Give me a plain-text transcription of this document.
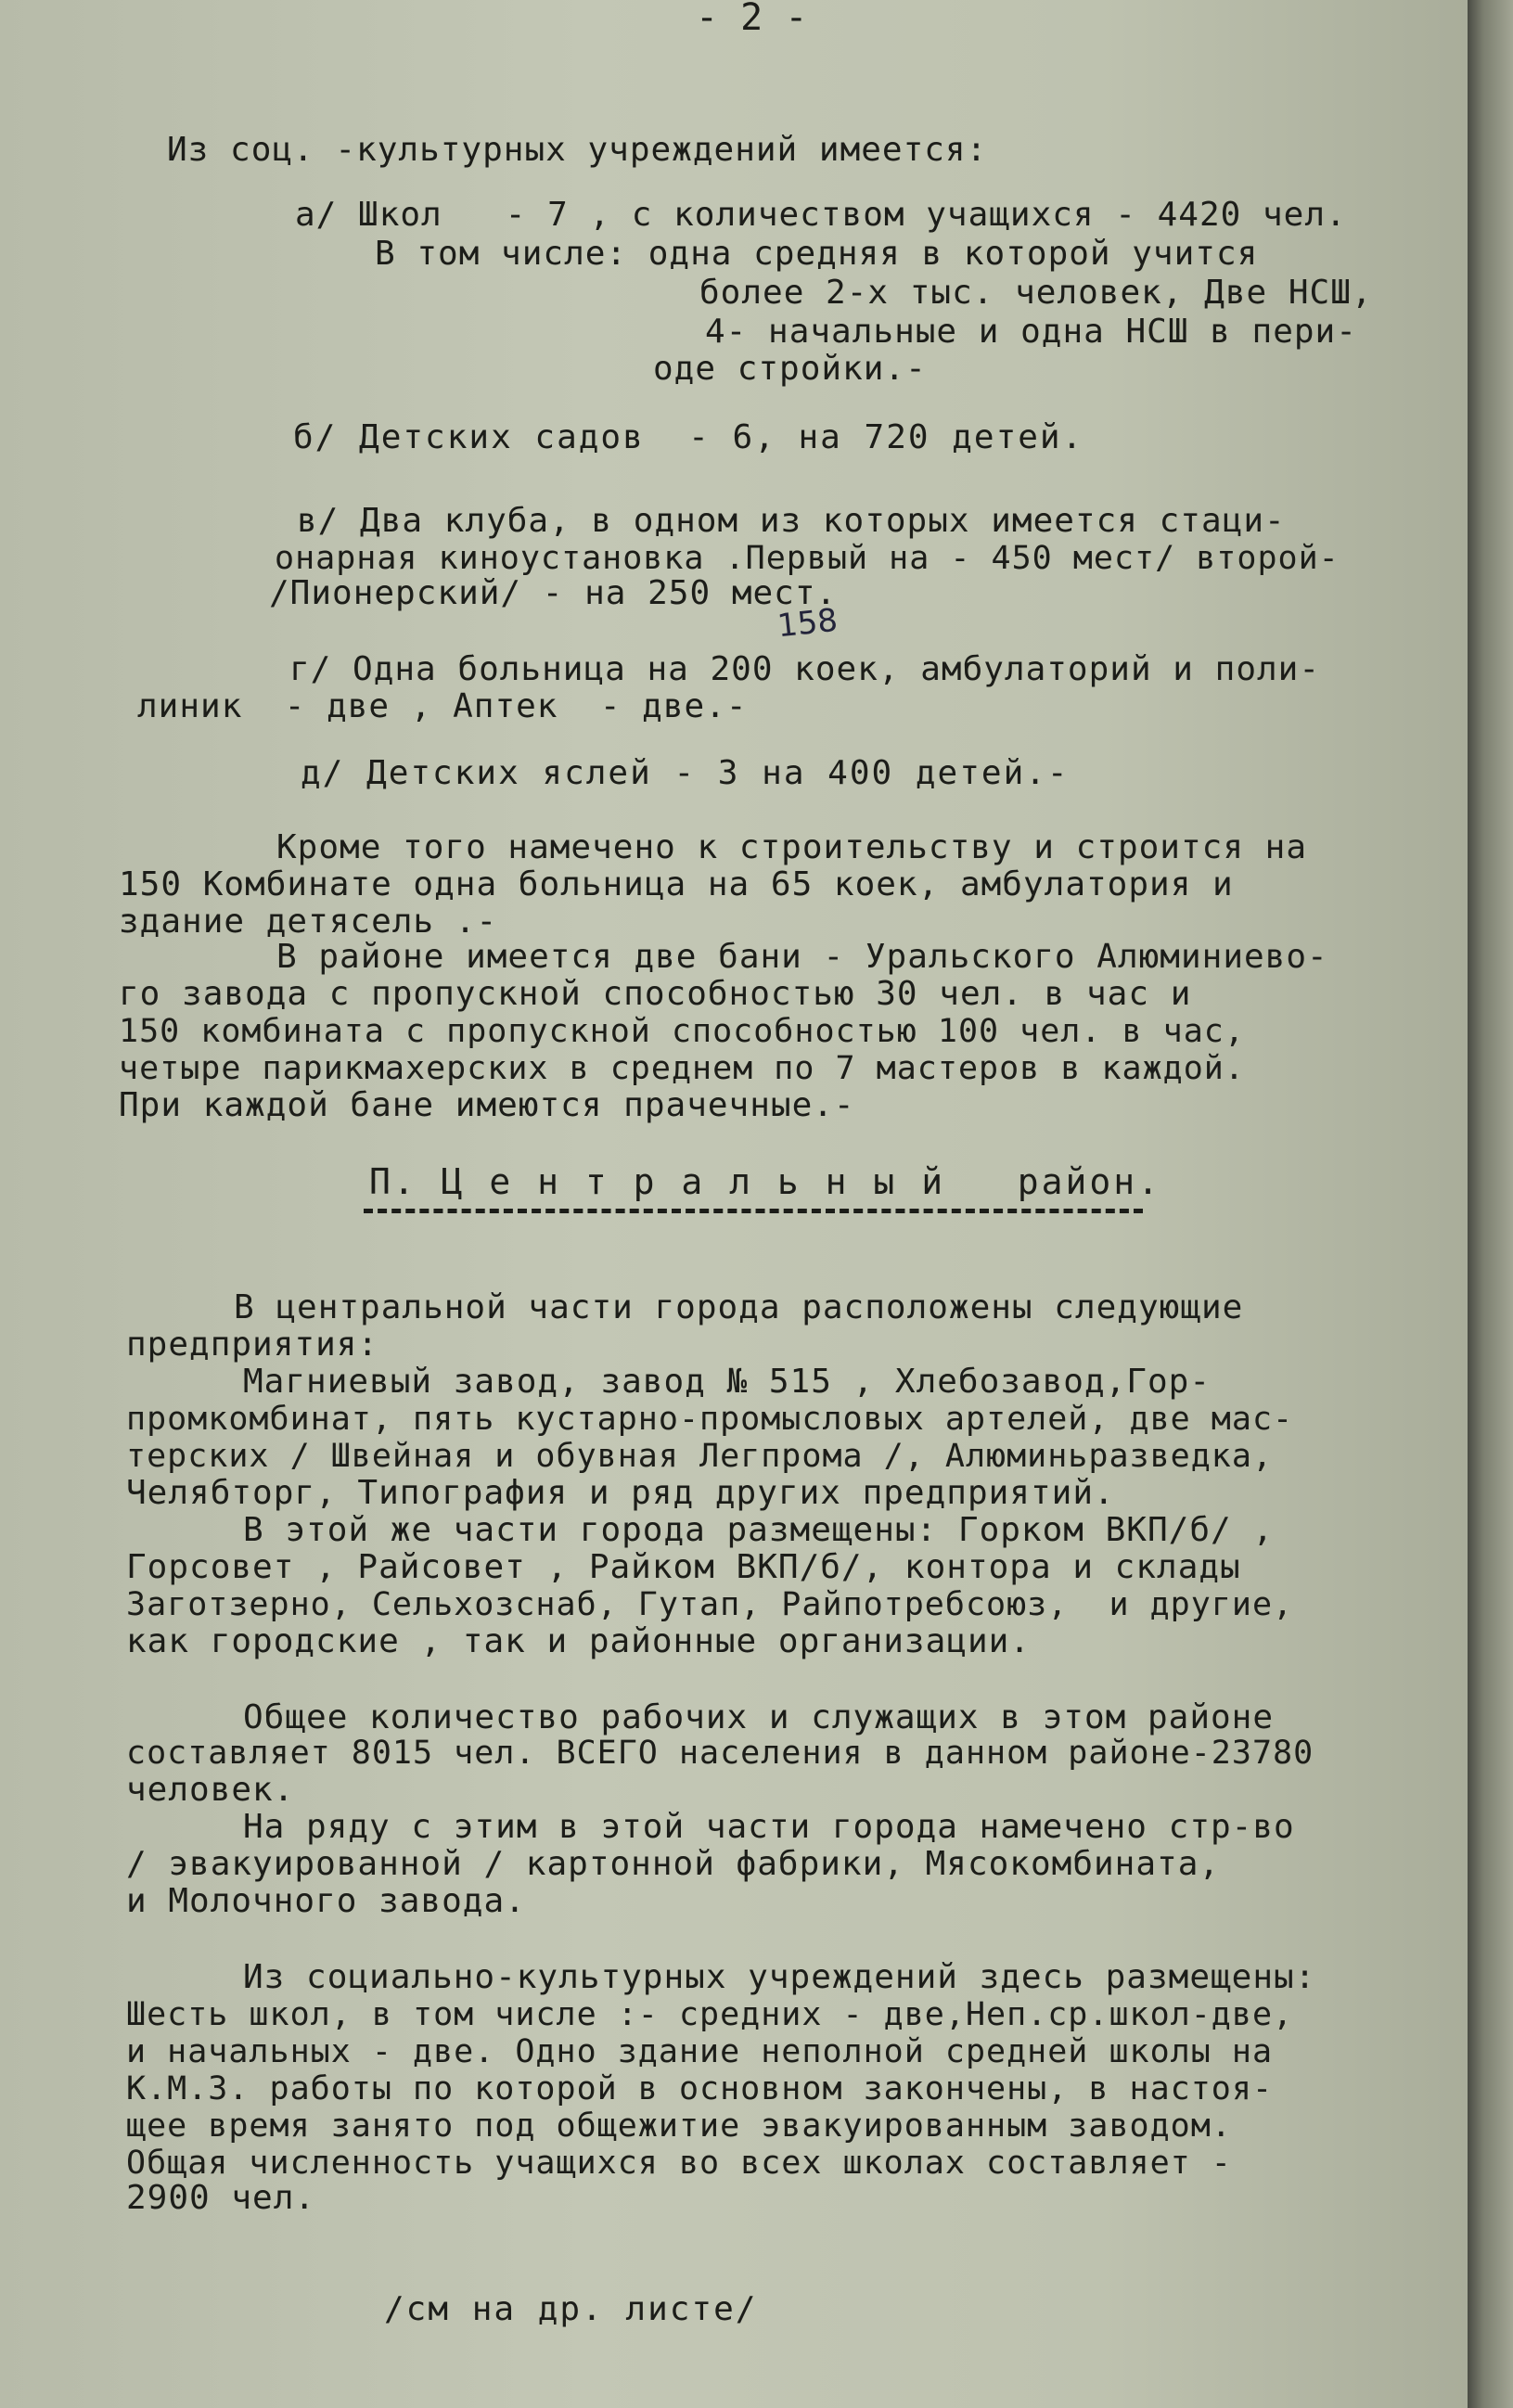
- 2 -
Из соц. -культурных учреждений имеется:
а/ Школ   - 7 , с количеством учащихся - 4420 чел.
В том числе: одна средняя в которой учится
более 2-х тыс. человек, Две НСШ,
4- начальные и одна НСШ в пери-
оде стройки.-
б/ Детских садов  - 6, на 720 детей.
в/ Два клуба, в одном из которых имеется стаци-
онарная киноустановка .Первый на - 450 мест/ второй-
/Пионерский/ - на 250 мест.
158
г/ Одна больница на 200 коек, амбулаторий и поли-
линик  - две , Аптек  - две.-
д/ Детских яслей - 3 на 400 детей.-
Кроме того намечено к строительству и строится на
150 Комбинате одна больница на 65 коек, амбулатория и
здание детясель .-
В районе имеется две бани - Уральского Алюминиево-
го завода с пропускной способностью 30 чел. в час и
150 комбината с пропускной способностью 100 чел. в час,
четыре парикмахерских в среднем по 7 мастеров в каждой.
При каждой бане имеются прачечные.-
П. Ц е н т р а л ь н ы й   район.
В центральной части города расположены следующие
предприятия:
Магниевый завод, завод № 515 , Хлебозавод,Гор-
промкомбинат, пять кустарно-промысловых артелей, две мас-
терских / Швейная и обувная Легпрома /, Алюминьразведка,
Челябторг, Типография и ряд других предприятий.
В этой же части города размещены: Горком ВКП/б/ ,
Горсовет , Райсовет , Райком ВКП/б/, контора и склады
Заготзерно, Сельхозснаб, Гутап, Райпотребсоюз,  и другие,
как городские , так и районные организации.
Общее количество рабочих и служащих в этом районе
составляет 8015 чел. ВСЕГО населения в данном районе-23780
человек.
На ряду с этим в этой части города намечено стр-во
/ эвакуированной / картонной фабрики, Мясокомбината,
и Молочного завода.
Из социально-культурных учреждений здесь размещены:
Шесть школ, в том числе :- средних - две,Неп.ср.школ-две,
и начальных - две. Одно здание неполной средней школы на
К.М.З. работы по которой в основном закончены, в настоя-
щее время занято под общежитие эвакуированным заводом.
Общая численность учащихся во всех школах составляет -
2900 чел.
/см на др. листе/
